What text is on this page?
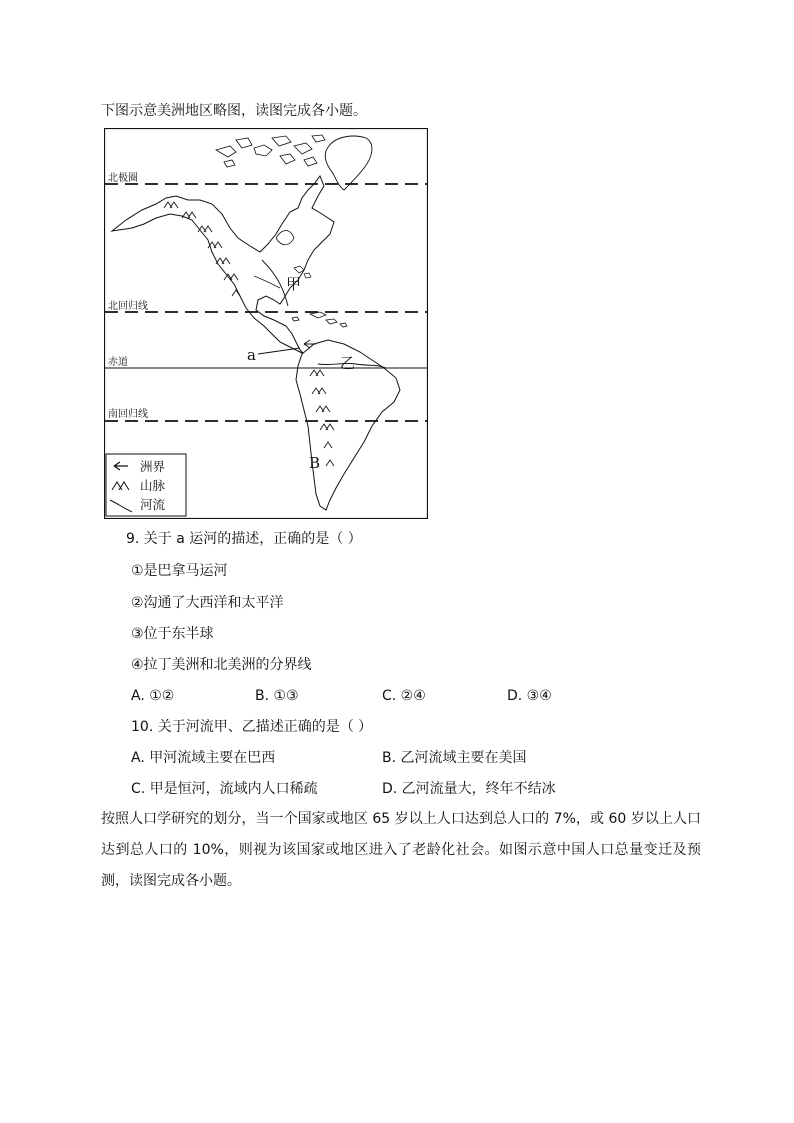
下图示意美洲地区略图，读图完成各小题。
北极圈
北回归线
赤道
南回归线
甲
乙
a
B
洲界
山脉
河流
9. 关于 a 运河的描述，正确的是（ ）
①是巴拿马运河
②沟通了大西洋和太平洋
③位于东半球
④拉丁美洲和北美洲的分界线
A. ①②	B. ①③	C. ②④	D. ③④
10. 关于河流甲、乙描述正确的是（ ）
A. 甲河流域主要在巴西	B. 乙河流域主要在美国
C. 甲是恒河，流域内人口稀疏	D. 乙河流量大，终年不结冰
按照人口学研究的划分，当一个国家或地区 65 岁以上人口达到总人口的 7%，或 60 岁以上人口达到总人口的 10%，则视为该国家或地区进入了老龄化社会。如图示意中国人口总量变迁及预测，读图完成各小题。
